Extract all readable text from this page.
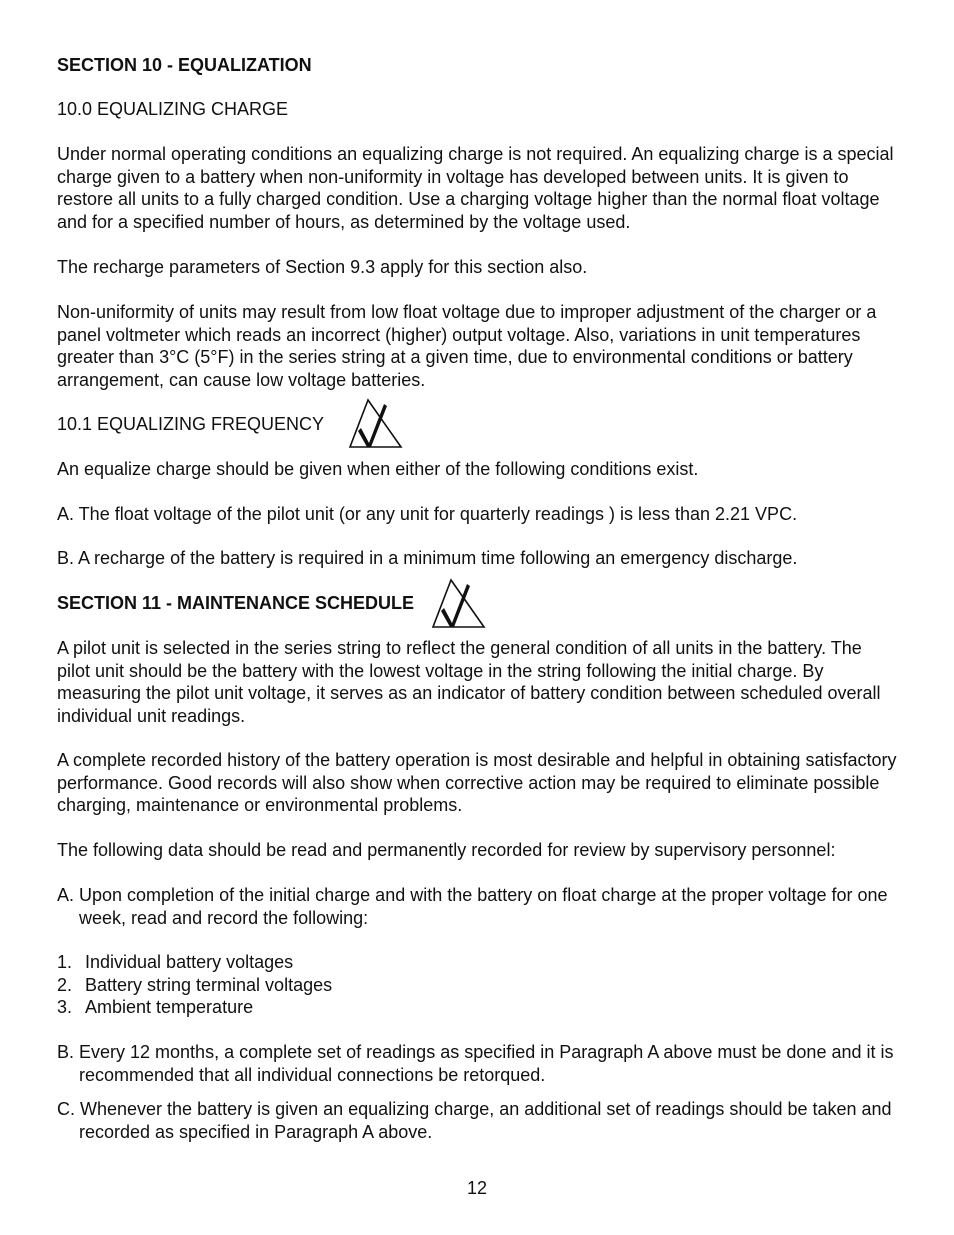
SECTION 10 - EQUALIZATION

10.0 EQUALIZING CHARGE

Under normal operating conditions an equalizing charge is not required. An equalizing charge is a special charge given to a battery when non-uniformity in voltage has developed between units. It is given to restore all units to a fully charged condition. Use a charging voltage higher than the normal float voltage and for a specified number of hours, as determined by the voltage used.

The recharge parameters of Section 9.3 apply for this section also.

Non-uniformity of units may result from low float voltage due to improper adjustment of the charger or a panel voltmeter which reads an incorrect (higher) output voltage. Also, variations in unit temperatures greater than 3°C (5°F) in the series string at a given time, due to environmental conditions or battery arrangement, can cause low voltage batteries.

10.1 EQUALIZING FREQUENCY

An equalize charge should be given when either of the following conditions exist.

A. The float voltage of the pilot unit (or any unit for quarterly readings ) is less than 2.21 VPC.

B. A recharge of the battery is required in a minimum time following an emergency discharge.

SECTION 11 - MAINTENANCE SCHEDULE

A pilot unit is selected in the series string to reflect the general condition of all units in the battery. The pilot unit should be the battery with the lowest voltage in the string following the initial charge. By measuring the pilot unit voltage, it serves as an indicator of battery condition between scheduled overall individual unit readings.

A complete recorded history of the battery operation is most desirable and helpful in obtaining satisfactory performance. Good records will also show when corrective action may be required to eliminate possible charging, maintenance or environmental problems.

The following data should be read and permanently recorded for review by supervisory personnel:

A. Upon completion of the initial charge and with the battery on float charge at the proper voltage for one week, read and record the following:

1. Individual battery voltages
2. Battery string terminal voltages
3. Ambient temperature

B. Every 12 months, a complete set of readings as specified in Paragraph A above must be done and it is recommended that all individual connections be retorqued.

C. Whenever the battery is given an equalizing charge, an additional set of readings should be taken and recorded as specified in Paragraph A above.

12
